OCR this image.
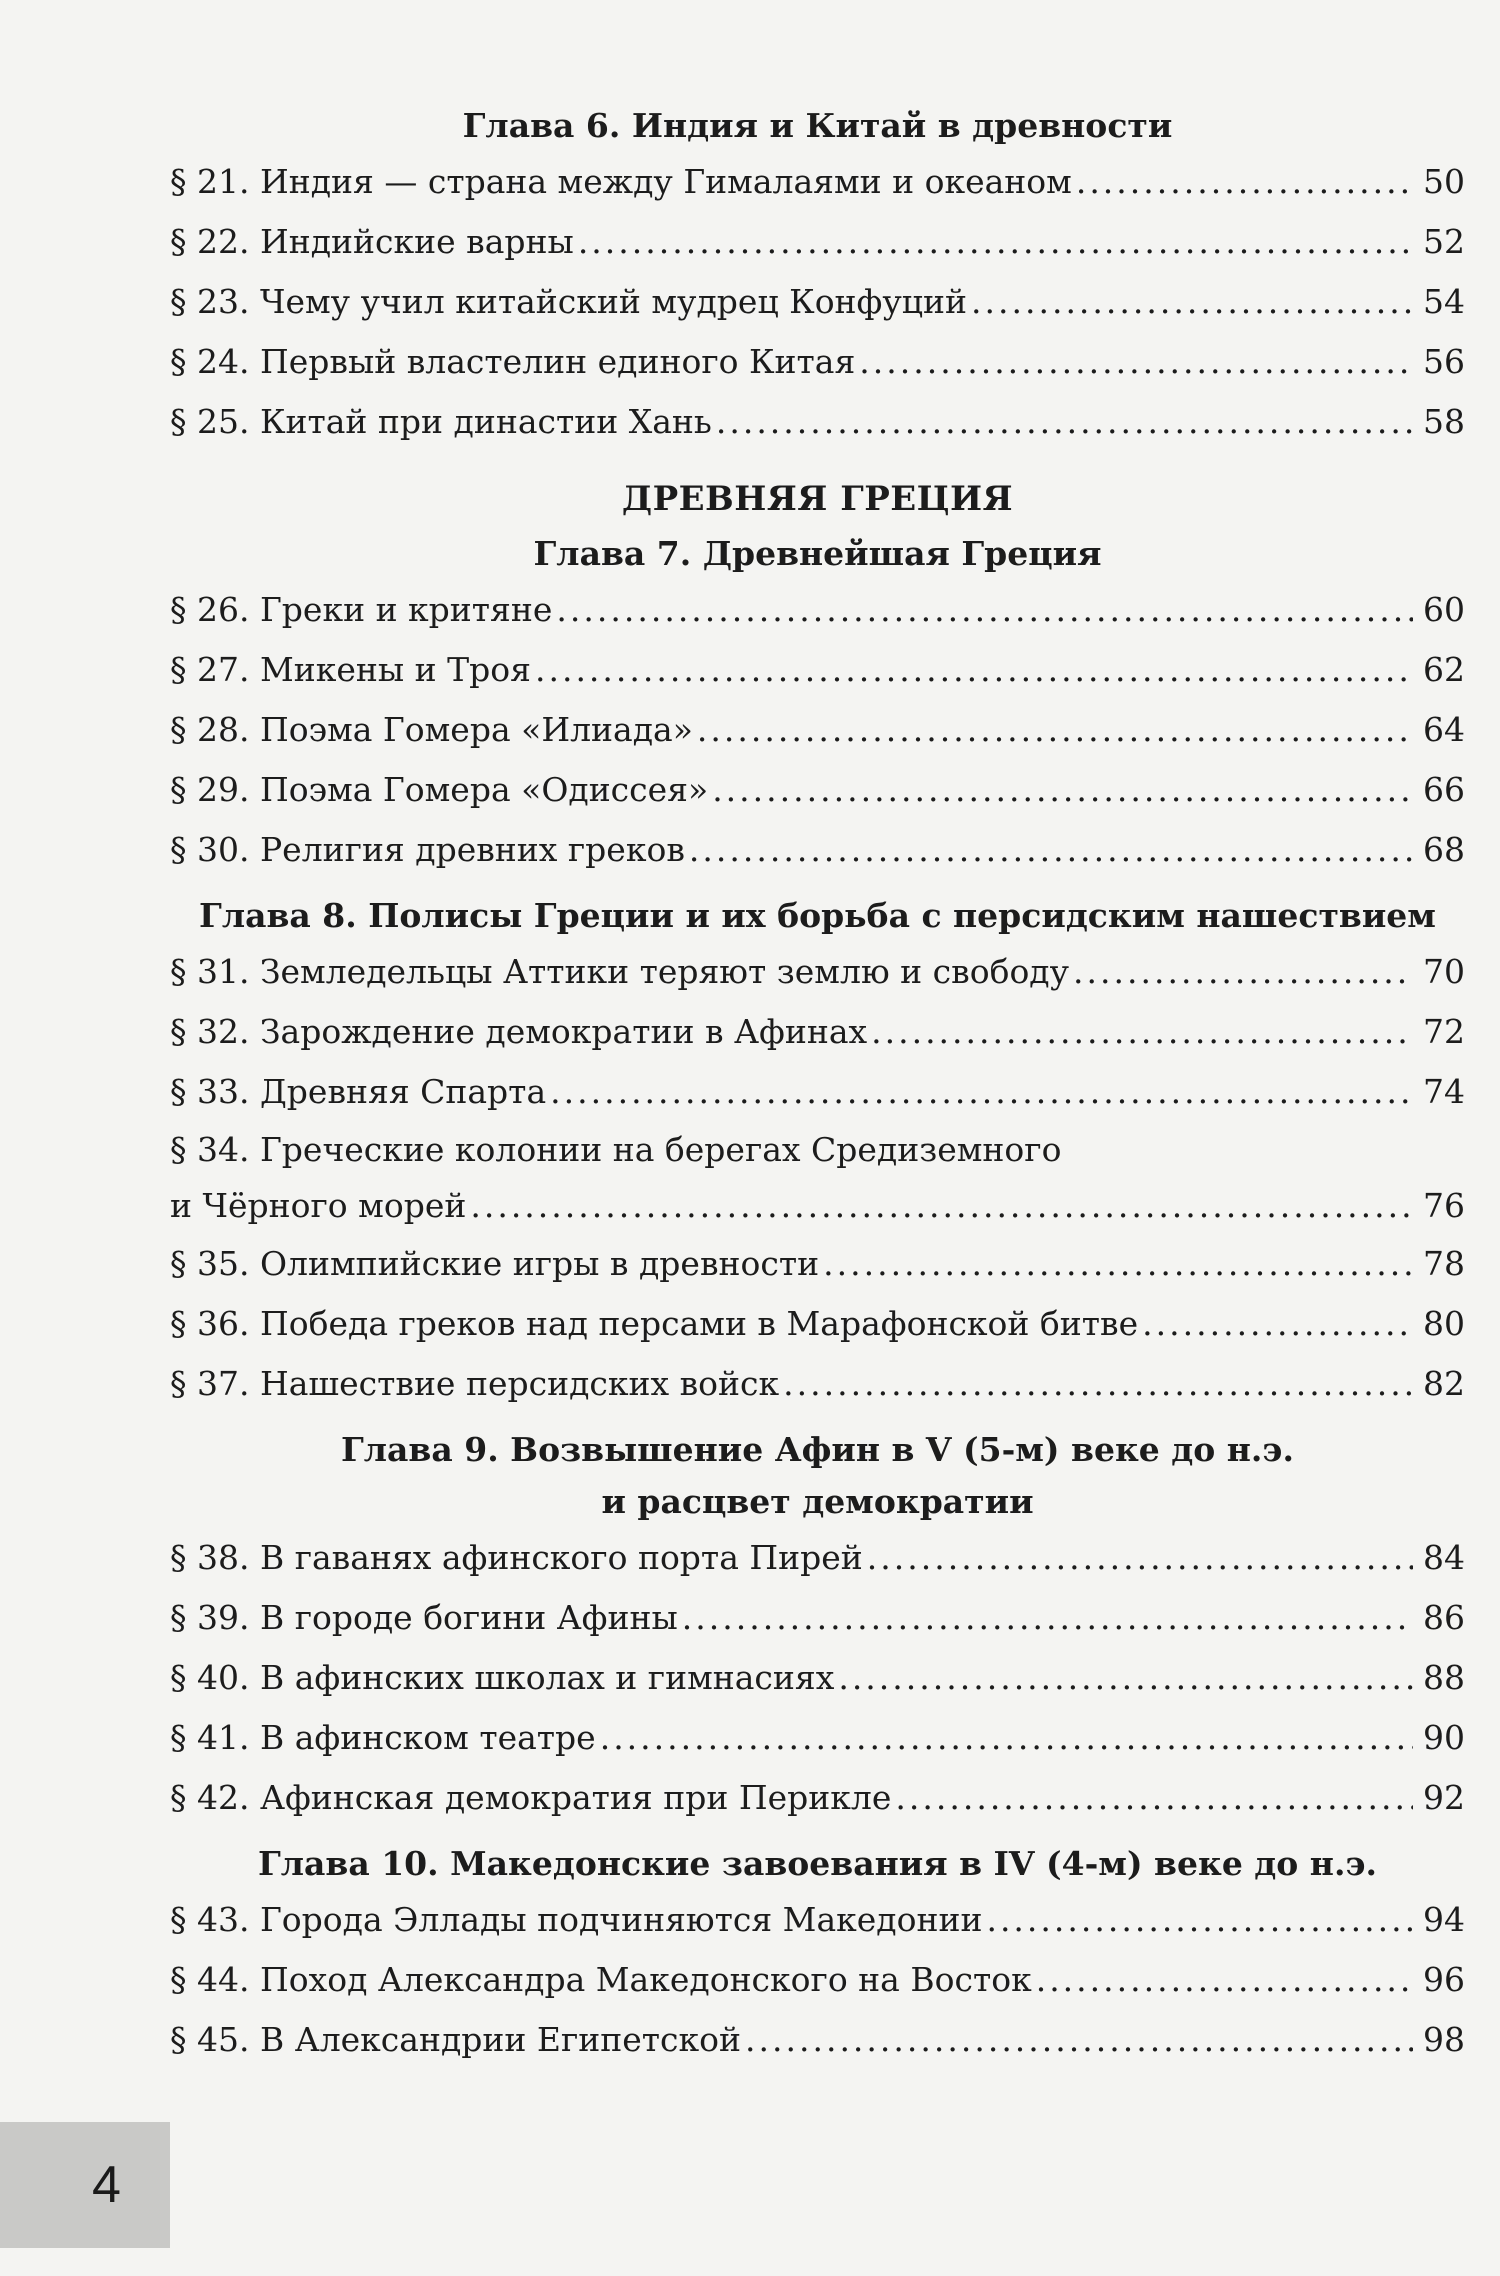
Глава 6. Индия и Китай в древности
§ 21. Индия — страна между Гималаями и океаном .....	50
§ 22. Индийские варны .....	52
§ 23. Чему учил китайский мудрец Конфуций .....	54
§ 24. Первый властелин единого Китая .....	56
§ 25. Китай при династии Хань .....	58
ДРЕВНЯЯ ГРЕЦИЯ
Глава 7. Древнейшая Греция
§ 26. Греки и критяне .....	60
§ 27. Микены и Троя .....	62
§ 28. Поэма Гомера «Илиада» .....	64
§ 29. Поэма Гомера «Одиссея» .....	66
§ 30. Религия древних греков .....	68
Глава 8. Полисы Греции и их борьба с персидским нашествием
§ 31. Земледельцы Аттики теряют землю и свободу .....	70
§ 32. Зарождение демократии в Афинах .....	72
§ 33. Древняя Спарта .....	74
§ 34. Греческие колонии на берегах Средиземного
и Чёрного морей .....	76
§ 35. Олимпийские игры в древности .....	78
§ 36. Победа греков над персами в Марафонской битве .....	80
§ 37. Нашествие персидских войск .....	82
Глава 9. Возвышение Афин в V (5-м) веке до н.э.
и расцвет демократии
§ 38. В гаванях афинского порта Пирей .....	84
§ 39. В городе богини Афины .....	86
§ 40. В афинских школах и гимнасиях .....	88
§ 41. В афинском театре .....	90
§ 42. Афинская демократия при Перикле .....	92
Глава 10. Македонские завоевания в IV (4-м) веке до н.э.
§ 43. Города Эллады подчиняются Македонии .....	94
§ 44. Поход Александра Македонского на Восток .....	96
§ 45. В Александрии Египетской .....	98
4
